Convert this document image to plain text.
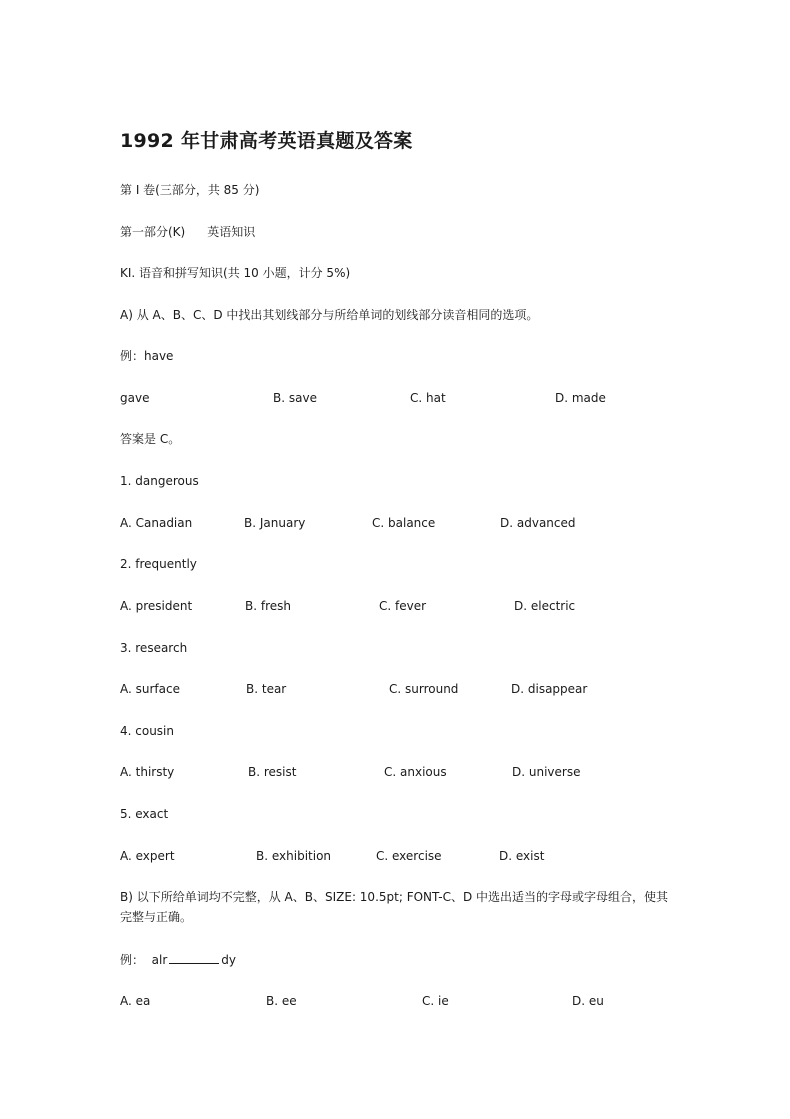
1992 年甘肃高考英语真题及答案
第 I 卷(三部分，共 85 分)
第一部分(K) 英语知识
KI. 语音和拼写知识(共 10 小题，计分 5%)
A) 从 A、B、C、D 中找出其划线部分与所给单词的划线部分读音相同的选项。
例：have
gave	B. save	C. hat	D. made
答案是 C。
1. dangerous
A. Canadian	B. January	C. balance	D. advanced
2. frequently
A. president	B. fresh	C. fever	D. electric
3. research
A. surface	B. tear	C. surround	D. disappear
4. cousin
A. thirsty	B. resist	C. anxious	D. universe
5. exact
A. expert	B. exhibition	C. exercise	D. exist
B) 以下所给单词均不完整，从 A、B、SIZE: 10.5pt; FONT-C、D 中选出适当的字母或字母组合，使其完整与正确。
例： alr	dy
A. ea	B. ee	C. ie	D. eu
